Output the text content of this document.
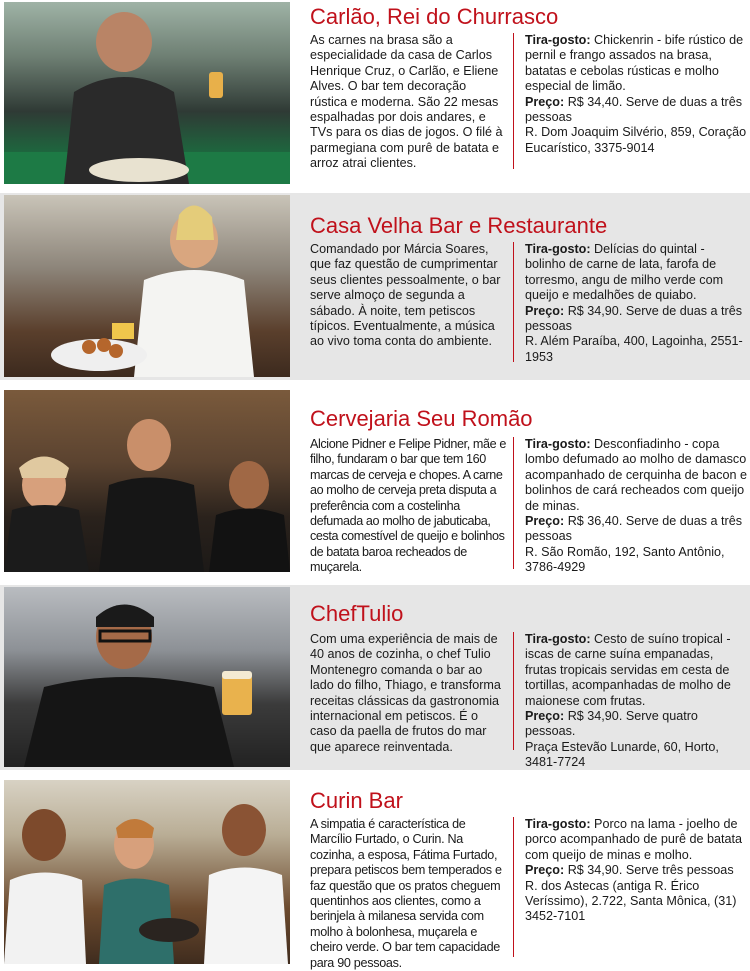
Carlão, Rei do Churrasco

As carnes na brasa são a especialidade da casa de Carlos Henrique Cruz, o Carlão, e Eliene Alves. O bar tem decoração rústica e moderna. São 22 mesas espalhadas por dois andares, e TVs para os dias de jogos. O filé à parmegiana com purê de batata e arroz atrai clientes.

Tira-gosto: Chickenrin - bife rústico de pernil e frango assados na brasa, batatas e cebolas rústicas e molho especial de limão.
Preço: R$ 34,40. Serve de duas a três pessoas
R. Dom Joaquim Silvério, 859, Coração Eucarístico, 3375-9014
Casa Velha Bar e Restaurante

Comandado por Márcia Soares, que faz questão de cumprimentar seus clientes pessoalmente, o bar serve almoço de segunda a sábado. À noite, tem petiscos típicos. Eventualmente, a música ao vivo toma conta do ambiente.

Tira-gosto: Delícias do quintal - bolinho de carne de lata, farofa de torresmo, angu de milho verde com queijo e medalhões de quiabo.
Preço: R$ 34,90. Serve de duas a três pessoas
R. Além Paraíba, 400, Lagoinha, 2551-1953
Cervejaria Seu Romão

Alcione Pidner e Felipe Pidner, mãe e filho, fundaram o bar que tem 160 marcas de cerveja e chopes. A carne ao molho de cerveja preta disputa a preferência com a costelinha defumada ao molho de jabuticaba, cesta comestível de queijo e bolinhos de batata baroa recheados de muçarela.

Tira-gosto: Desconfiadinho - copa lombo defumado ao molho de damasco acompanhado de cerquinha de bacon e bolinhos de cará recheados com queijo de minas.
Preço: R$ 36,40. Serve de duas a três pessoas
R. São Romão, 192, Santo Antônio, 3786-4929
ChefTulio

Com uma experiência de mais de 40 anos de cozinha, o chef Tulio Montenegro comanda o bar ao lado do filho, Thiago, e transforma receitas clássicas da gastronomia internacional em petiscos. É o caso da paella de frutos do mar que aparece reinventada.

Tira-gosto: Cesto de suíno tropical - iscas de carne suína empanadas, frutas tropicais servidas em cesta de tortillas, acompanhadas de molho de maionese com frutas.
Preço: R$ 34,90. Serve quatro pessoas.
Praça Estevão Lunarde, 60, Horto, 3481-7724
Curin Bar

A simpatia é característica de Marcílio Furtado, o Curin. Na cozinha, a esposa, Fátima Furtado, prepara petiscos bem temperados e faz questão que os pratos cheguem quentinhos aos clientes, como a berinjela à milanesa servida com molho à bolonhesa, muçarela e cheiro verde. O bar tem capacidade para 90 pessoas.

Tira-gosto: Porco na lama - joelho de porco acompanhado de purê de batata com queijo de minas e molho.
Preço: R$ 34,90. Serve três pessoas
R. dos Astecas (antiga R. Érico Veríssimo), 2.722, Santa Mônica, (31) 3452-7101
